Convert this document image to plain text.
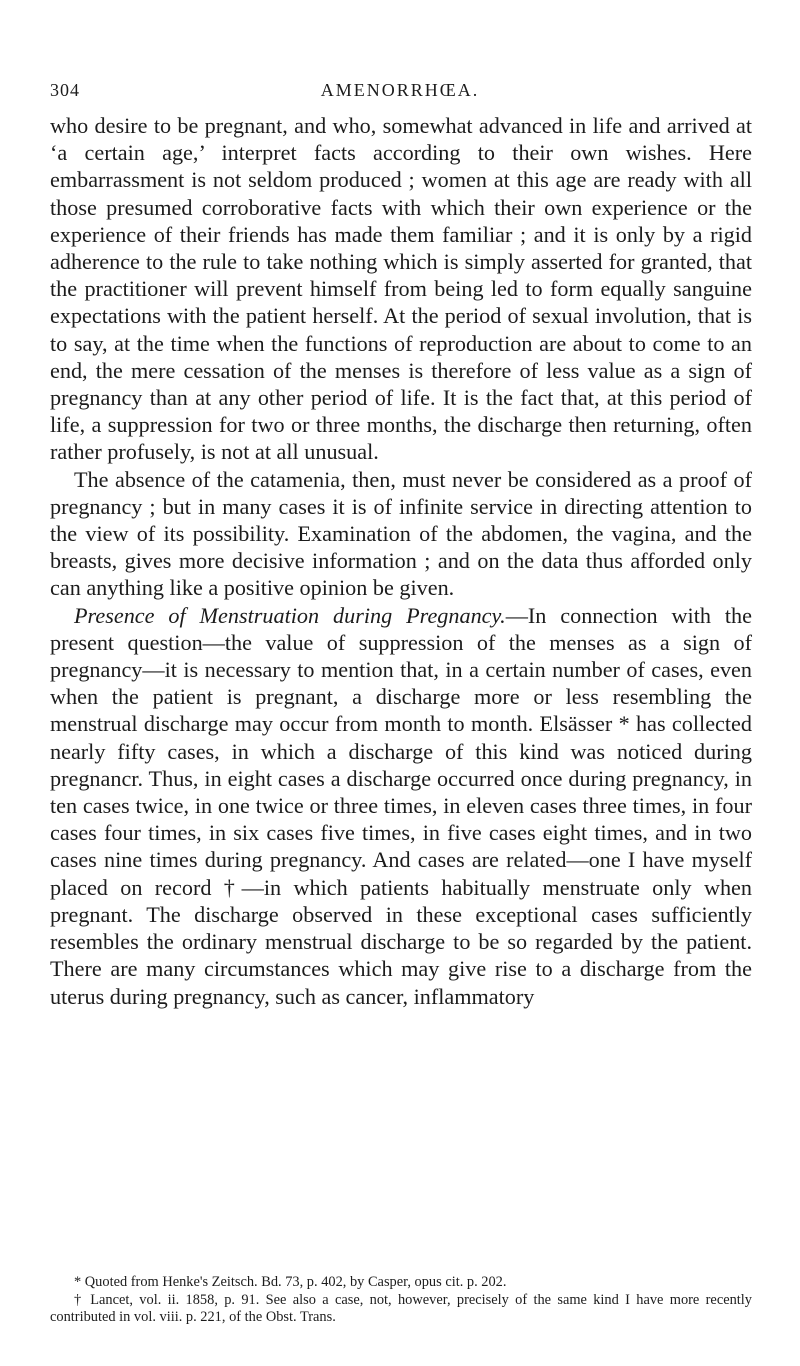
304	AMENORRHŒA.

who desire to be pregnant, and who, somewhat advanced in life and arrived at ‘a certain age,’ interpret facts according to their own wishes. Here embarrassment is not seldom produced ; women at this age are ready with all those presumed corroborative facts with which their own experience or the experience of their friends has made them familiar ; and it is only by a rigid adherence to the rule to take nothing which is simply asserted for granted, that the practitioner will prevent himself from being led to form equally sanguine expectations with the patient herself. At the period of sexual involution, that is to say, at the time when the functions of reproduction are about to come to an end, the mere cessation of the menses is therefore of less value as a sign of pregnancy than at any other period of life. It is the fact that, at this period of life, a suppression for two or three months, the discharge then returning, often rather profusely, is not at all unusual.

The absence of the catamenia, then, must never be considered as a proof of pregnancy ; but in many cases it is of infinite service in directing attention to the view of its possibility. Examination of the abdomen, the vagina, and the breasts, gives more decisive information ; and on the data thus afforded only can anything like a positive opinion be given.

Presence of Menstruation during Pregnancy.—In connection with the present question—the value of suppression of the menses as a sign of pregnancy—it is necessary to mention that, in a certain number of cases, even when the patient is pregnant, a discharge more or less resembling the menstrual discharge may occur from month to month. Elsässer * has collected nearly fifty cases, in which a discharge of this kind was noticed during pregnancr. Thus, in eight cases a discharge occurred once during pregnancy, in ten cases twice, in one twice or three times, in eleven cases three times, in four cases four times, in six cases five times, in five cases eight times, and in two cases nine times during pregnancy. And cases are related—one I have myself placed on record †—in which patients habitually menstruate only when pregnant. The discharge observed in these exceptional cases sufficiently resembles the ordinary menstrual discharge to be so regarded by the patient. There are many circumstances which may give rise to a discharge from the uterus during pregnancy, such as cancer, inflammatory

* Quoted from Henke's Zeitsch. Bd. 73, p. 402, by Casper, opus cit. p. 202.

† Lancet, vol. ii. 1858, p. 91. See also a case, not, however, precisely of the same kind I have more recently contributed in vol. viii. p. 221, of the Obst. Trans.
